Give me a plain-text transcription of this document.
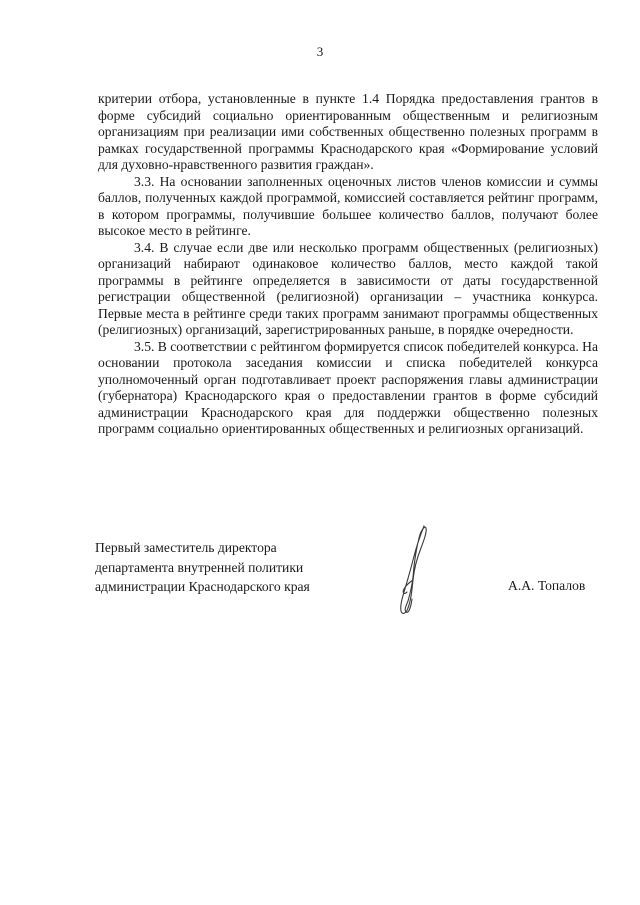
3

критерии отбора, установленные в пункте 1.4 Порядка предоставления грантов в форме субсидий социально ориентированным общественным и религиозным организациям при реализации ими собственных общественно полезных программ в рамках государственной программы Краснодарского края «Формирование условий для духовно-нравственного развития граждан».

3.3. На основании заполненных оценочных листов членов комиссии и суммы баллов, полученных каждой программой, комиссией составляется рейтинг программ, в котором программы, получившие большее количество баллов, получают более высокое место в рейтинге.

3.4. В случае если две или несколько программ общественных (религиозных) организаций набирают одинаковое количество баллов, место каждой такой программы в рейтинге определяется в зависимости от даты государственной регистрации общественной (религиозной) организации – участника конкурса. Первые места в рейтинге среди таких программ занимают программы общественных (религиозных) организаций, зарегистрированных раньше, в порядке очередности.

3.5. В соответствии с рейтингом формируется список победителей конкурса. На основании протокола заседания комиссии и списка победителей конкурса уполномоченный орган подготавливает проект распоряжения главы администрации (губернатора) Краснодарского края о предоставлении грантов в форме субсидий администрации Краснодарского края для поддержки общественно полезных программ социально ориентированных общественных и религиозных организаций.

Первый заместитель директора
департамента внутренней политики
администрации Краснодарского края	А.А. Топалов
